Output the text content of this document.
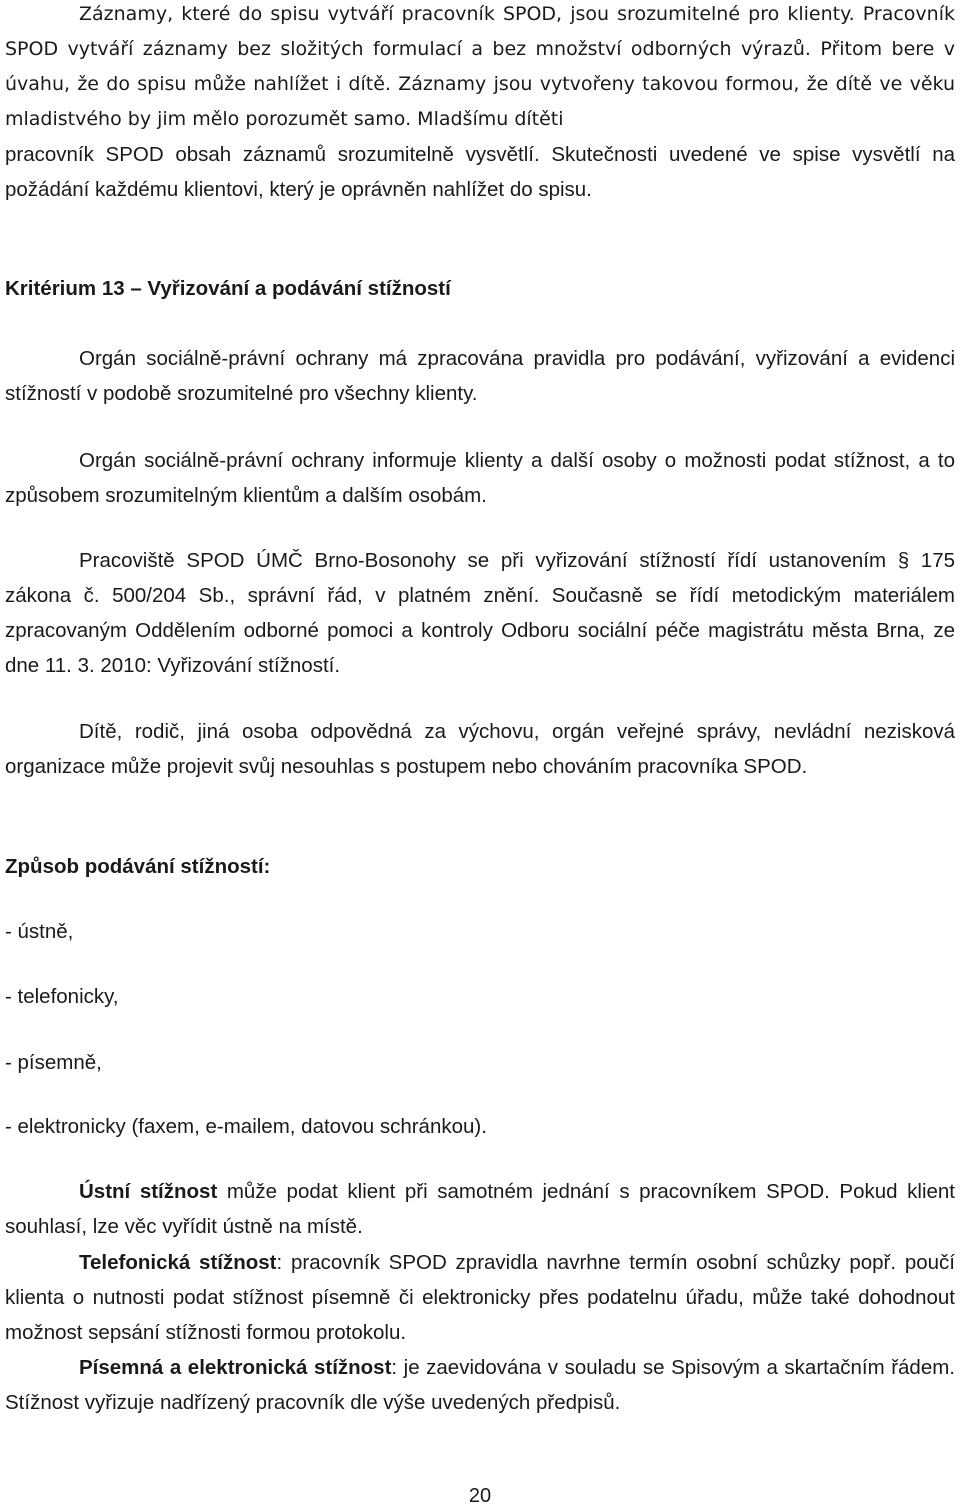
Záznamy, které do spisu vytváří pracovník SPOD, jsou srozumitelné pro klienty. Pracovník SPOD vytváří záznamy bez složitých formulací a bez množství odborných výrazů. Přitom bere v úvahu, že do spisu může nahlížet i dítě. Záznamy jsou vytvořeny takovou formou, že dítě ve věku mladistvého by jim mělo porozumět samo. Mladšímu dítěti

pracovník SPOD obsah záznamů srozumitelně vysvětlí. Skutečnosti uvedené ve spise vysvětlí na požádání každému klientovi, který je oprávněn nahlížet do spisu.

Kritérium 13 – Vyřizování a podávání stížností

Orgán sociálně-právní ochrany má zpracována pravidla pro podávání, vyřizování a evidenci stížností v podobě srozumitelné pro všechny klienty.

Orgán sociálně-právní ochrany informuje klienty a další osoby o možnosti podat stížnost, a to způsobem srozumitelným klientům a dalším osobám.

Pracoviště SPOD ÚMČ Brno-Bosonohy se při vyřizování stížností řídí ustanovením § 175 zákona č. 500/204 Sb., správní řád, v platném znění. Současně se řídí metodickým materiálem zpracovaným Oddělením odborné pomoci a kontroly Odboru sociální péče magistrátu města Brna, ze dne 11. 3. 2010: Vyřizování stížností.

Dítě, rodič, jiná osoba odpovědná za výchovu, orgán veřejné správy, nevládní nezisková organizace může projevit svůj nesouhlas s postupem nebo chováním pracovníka SPOD.

Způsob podávání stížností:

- ústně,

- telefonicky,

- písemně,

- elektronicky (faxem, e-mailem, datovou schránkou).

Ústní stížnost může podat klient při samotném jednání s pracovníkem SPOD. Pokud klient souhlasí, lze věc vyřídit ústně na místě.

Telefonická stížnost: pracovník SPOD zpravidla navrhne termín osobní schůzky popř. poučí klienta o nutnosti podat stížnost písemně či elektronicky přes podatelnu úřadu, může také dohodnout možnost sepsání stížnosti formou protokolu.

Písemná a elektronická stížnost: je zaevidována v souladu se Spisovým a skartačním řádem. Stížnost vyřizuje nadřízený pracovník dle výše uvedených předpisů.

20
